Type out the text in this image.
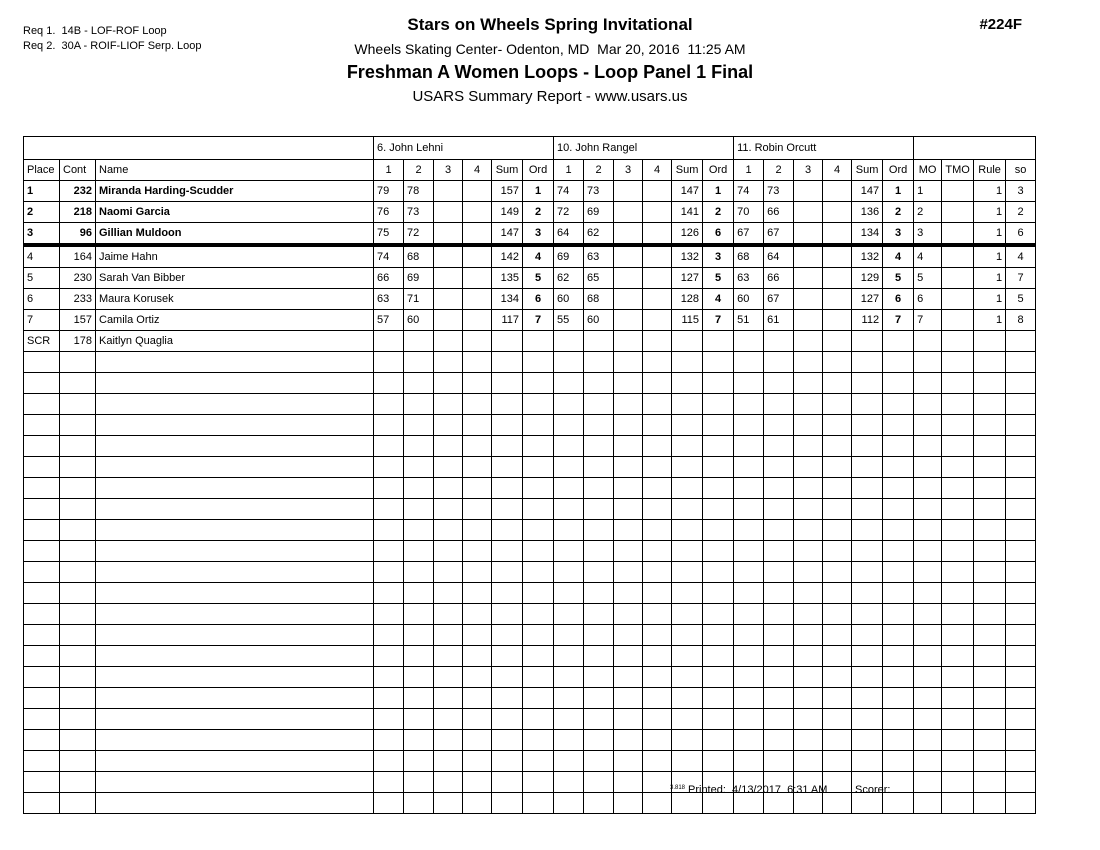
Req 1.  14B - LOF-ROF Loop
Req 2.  30A - ROIF-LIOF Serp. Loop
Stars on Wheels Spring Invitational
Wheels Skating Center- Odenton, MD  Mar 20, 2016  11:25 AM
Freshman A Women Loops - Loop Panel 1 Final
USARS Summary Report - www.usars.us
#224F
			6. John Lehni						10. John Rangel						11. Robin Orcutt									
Place	Cont	Name	1	2	3	4	Sum	Ord	1	2	3	4	Sum	Ord	1	2	3	4	Sum	Ord	MO	TMO	Rule	so
1	232	Miranda Harding-Scudder	79	78			157	1	74	73			147	1	74	73			147	1	1		1	3
2	218	Naomi Garcia	76	73			149	2	72	69			141	2	70	66			136	2	2		1	2
3	96	Gillian Muldoon	75	72			147	3	64	62			126	6	67	67			134	3	3		1	6
4	164	Jaime Hahn	74	68			142	4	69	63			132	3	68	64			132	4	4		1	4
5	230	Sarah Van Bibber	66	69			135	5	62	65			127	5	63	66			129	5	5		1	7
6	233	Maura Korusek	63	71			134	6	60	68			128	4	60	67			127	6	6		1	5
7	157	Camila Ortiz	57	60			117	7	55	60			115	7	51	61			112	7	7		1	8
SCR	178	Kaitlyn Quaglia																						

3.818 Printed:  4/13/2017  6:31 AM	Scorer:
